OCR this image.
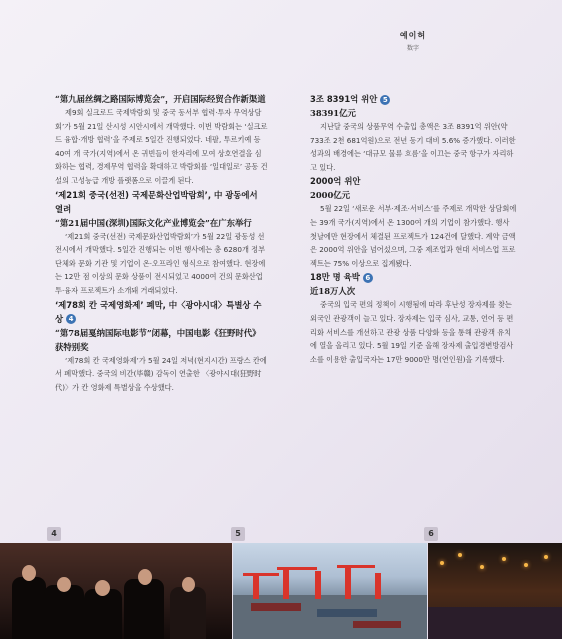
예이허
数字
“第九届丝绸之路国际博览会”，开启国际经贸合作新渠道
제9회 실크로드 국제박람회 및 중국 동서부 협력·투자 무역상담회’가 5월 21일 산시성 시안시에서 개막했다. 이번 박람회는 ‘실크로드 융합·개방 협력’을 주제로 5일간 진행되었다. 네팔, 투르키예 등 40여 개 국가(지역)에서 온 귀빈들이 한자리에 모여 상호연결을 심화하는 협력, 경제무역 협력을 확대하고 박람회를 ‘일대일로’ 공동 건설의 고성능급 개방 플랫폼으로 이끌게 된다.
‘제21회 중국(선전) 국제문화산업박람회’, 中 광동에서 열려
“第21届中国(深圳)国际文化产业博览会”在广东举行
‘제21회 중국(선전) 국제문화산업박람회’가 5월 22일 광동성 선전시에서 개막했다. 5일간 진행되는 이번 행사에는 총 6280개 정부 단체와 문화 기관 및 기업이 온·오프라인 형식으로 참여했다. 현장에는 12만 점 이상의 문화 상품이 전시되었고 4000여 건의 문화산업 투·융자 프로젝트가 소개돼 거래되었다.
‘제78회 칸 국제영화제’ 폐막, 中〈광야시대〉특별상 수상 4
“第78届戛纳国际电影节”闭幕，中国电影《狂野时代》获特别奖
‘제78회 칸 국제영화제’가 5월 24일 저녁(현지시간) 프랑스 칸에서 폐막했다. 중국의 비간(毕赣) 감독이 연출한 〈광야시대(狂野时代)〉가 칸 영화제 특별상을 수상했다.
3조 8391억 위안 5
38391亿元
지난달 중국의 상품무역 수출입 총액은 3조 8391억 위안(약 733조 2천 681억원)으로 전년 동기 대비 5.6% 증가했다. 이러한 성과의 배경에는 ‘대규모 물류 흐름’을 이끄는 중국 항구가 자리하고 있다.
2000억 위안
2000亿元
5월 22일 ‘새로운 서부·제조·서비스’를 주제로 개막한 상담회에는 39개 국가(지역)에서 온 1300여 개의 기업이 참가했다. 행사 첫날에만 현장에서 체결된 프로젝트가 124건에 달했다. 계약 금액은 2000억 위안을 넘어섰으며, 그중 제조업과 현대 서비스업 프로젝트는 75% 이상으로 집계됐다.
18만 명 육박 6
近18万人次
중국의 입국 편의 정책이 시행됨에 따라 후난성 장자제를 찾는 외국인 관광객이 늘고 있다. 장자제는 입국 심사, 교통, 언어 등 편리화 서비스를 개선하고 관광 상품 다양화 등을 통해 관광객 유치에 열을 올리고 있다. 5월 19일 기준 올해 장자제 출입경변방검사소를 이용한 출입국자는 17만 9000만 명(연인원)을 기록했다.
4	5	6
